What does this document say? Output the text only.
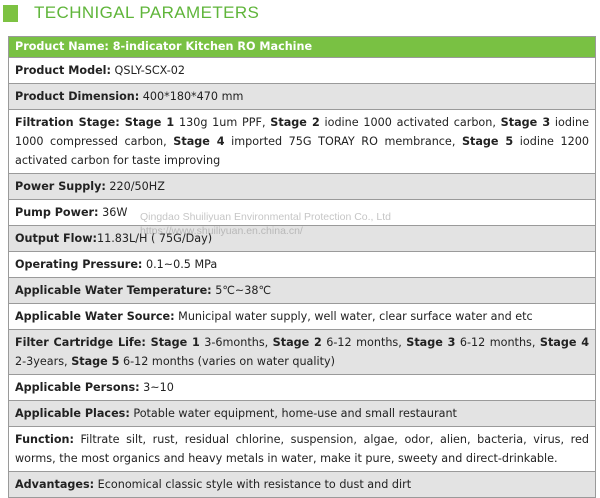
TECHNIGAL PARAMETERS
Product Name: 8-indicator Kitchen RO Machine
Product Model: QSLY-SCX-02
Product Dimension: 400*180*470 mm
Filtration Stage: Stage 1 130g 1um PPF, Stage 2 iodine 1000 activated carbon, Stage 3 iodine 1000 compressed carbon, Stage 4 imported 75G TORAY RO membrance, Stage 5 iodine 1200 activated carbon for taste improving
Power Supply: 220/50HZ
Pump Power: 36W
Output Flow:11.83L/H ( 75G/Day)
Operating Pressure: 0.1~0.5 MPa
Applicable Water Temperature: 5℃~38℃
Applicable Water Source: Municipal water supply, well water, clear surface water and etc
Filter Cartridge Life: Stage 1 3-6months, Stage 2 6-12 months, Stage 3 6-12 months, Stage 4 2-3years, Stage 5 6-12 months (varies on water quality)
Applicable Persons: 3~10
Applicable Places: Potable water equipment, home-use and small restaurant
Function: Filtrate silt, rust, residual chlorine, suspension, algae, odor, alien, bacteria, virus, red worms, the most organics and heavy metals in water, make it pure, sweety and direct-drinkable.
Advantages: Economical classic style with resistance to dust and dirt
Qingdao Shuiliyuan Environmental Protection Co., Ltd
https://www.shuiliyuan.en.china.cn/
